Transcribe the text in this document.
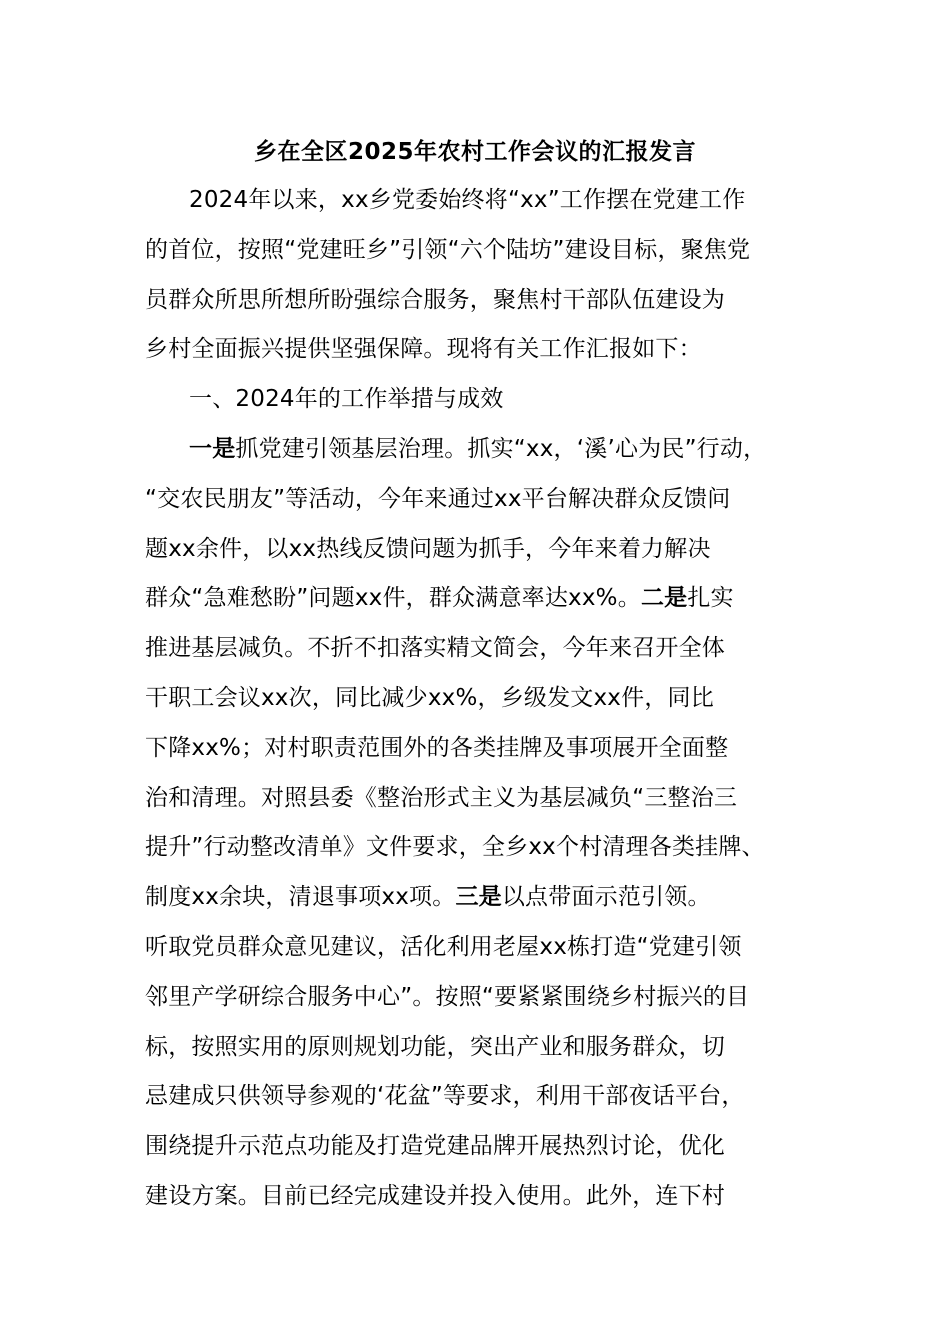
乡在全区2025年农村工作会议的汇报发言
2024年以来，xx乡党委始终将“xx”工作摆在党建工作
的首位，按照“党建旺乡”引领“六个陆坊”建设目标，聚焦党
员群众所思所想所盼强综合服务，聚焦村干部队伍建设为
乡村全面振兴提供坚强保障。现将有关工作汇报如下：
一、2024年的工作举措与成效
一是抓党建引领基层治理。抓实“xx，‘溪’心为民”行动，
“交农民朋友”等活动，今年来通过xx平台解决群众反馈问
题xx余件，以xx热线反馈问题为抓手，今年来着力解决
群众“急难愁盼”问题xx件，群众满意率达xx%。二是扎实
推进基层减负。不折不扣落实精文简会，今年来召开全体
干职工会议xx次，同比减少xx%，乡级发文xx件，同比
下降xx%；对村职责范围外的各类挂牌及事项展开全面整
治和清理。对照县委《整治形式主义为基层减负“三整治三
提升”行动整改清单》文件要求，全乡xx个村清理各类挂牌、
制度xx余块，清退事项xx项。三是以点带面示范引领。
听取党员群众意见建议，活化利用老屋xx栋打造“党建引领
邻里产学研综合服务中心”。按照“要紧紧围绕乡村振兴的目
标，按照实用的原则规划功能，突出产业和服务群众，切
忌建成只供领导参观的‘花盆”等要求，利用干部夜话平台，
围绕提升示范点功能及打造党建品牌开展热烈讨论，优化
建设方案。目前已经完成建设并投入使用。此外，连下村
